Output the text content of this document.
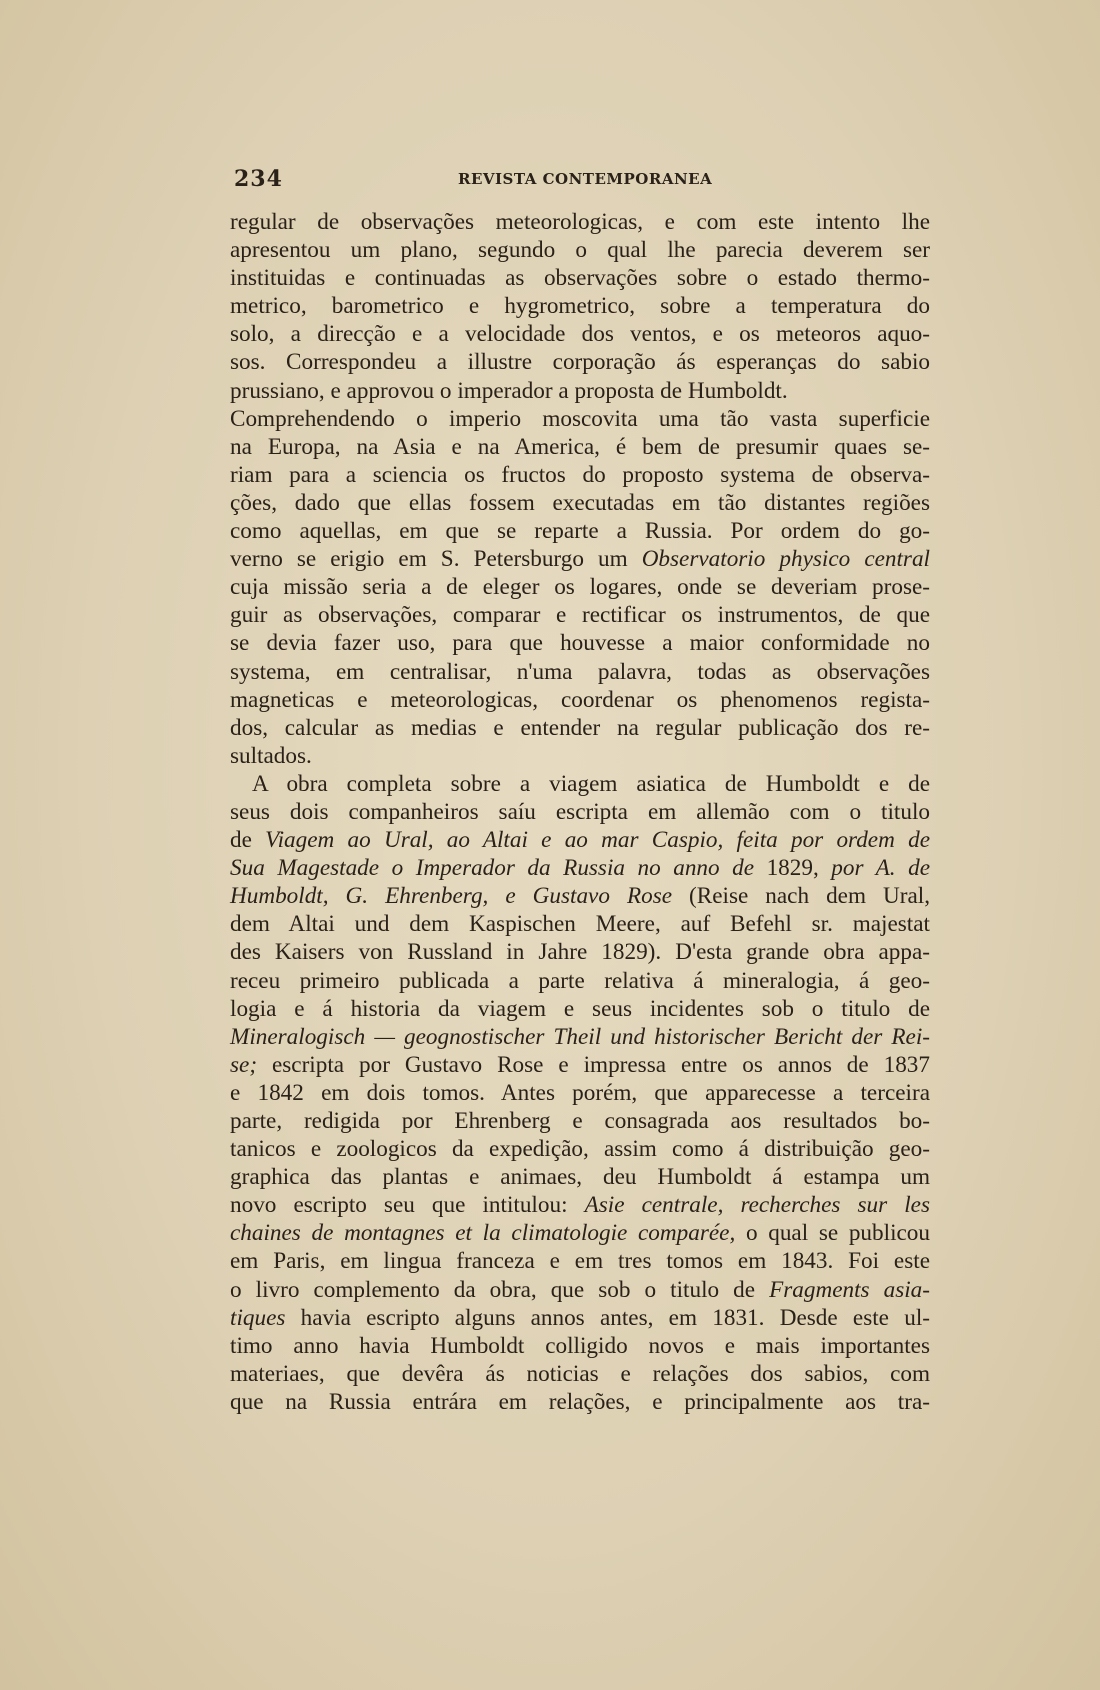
234	REVISTA CONTEMPORANEA
regular de observações meteorologicas, e com este intento lhe
apresentou um plano, segundo o qual lhe parecia deverem ser
instituidas e continuadas as observações sobre o estado thermo-
metrico, barometrico e hygrometrico, sobre a temperatura do
solo, a direcção e a velocidade dos ventos, e os meteoros aquo-
sos. Correspondeu a illustre corporação ás esperanças do sabio
prussiano, e approvou o imperador a proposta de Humboldt.
Comprehendendo o imperio moscovita uma tão vasta superficie
na Europa, na Asia e na America, é bem de presumir quaes se-
riam para a sciencia os fructos do proposto systema de observa-
ções, dado que ellas fossem executadas em tão distantes regiões
como aquellas, em que se reparte a Russia. Por ordem do go-
verno se erigio em S. Petersburgo um Observatorio physico central
cuja missão seria a de eleger os logares, onde se deveriam prose-
guir as observações, comparar e rectificar os instrumentos, de que
se devia fazer uso, para que houvesse a maior conformidade no
systema, em centralisar, n'uma palavra, todas as observações
magneticas e meteorologicas, coordenar os phenomenos regista-
dos, calcular as medias e entender na regular publicação dos re-
sultados.
A obra completa sobre a viagem asiatica de Humboldt e de
seus dois companheiros saíu escripta em allemão com o titulo
de Viagem ao Ural, ao Altai e ao mar Caspio, feita por ordem de
Sua Magestade o Imperador da Russia no anno de 1829, por A. de
Humboldt, G. Ehrenberg, e Gustavo Rose (Reise nach dem Ural,
dem Altai und dem Kaspischen Meere, auf Befehl sr. majestat
des Kaisers von Russland in Jahre 1829). D'esta grande obra appa-
receu primeiro publicada a parte relativa á mineralogia, á geo-
logia e á historia da viagem e seus incidentes sob o titulo de
Mineralogisch — geognostischer Theil und historischer Bericht der Rei-
se; escripta por Gustavo Rose e impressa entre os annos de 1837
e 1842 em dois tomos. Antes porém, que apparecesse a terceira
parte, redigida por Ehrenberg e consagrada aos resultados bo-
tanicos e zoologicos da expedição, assim como á distribuição geo-
graphica das plantas e animaes, deu Humboldt á estampa um
novo escripto seu que intitulou: Asie centrale, recherches sur les
chaines de montagnes et la climatologie comparée, o qual se publicou
em Paris, em lingua franceza e em tres tomos em 1843. Foi este
o livro complemento da obra, que sob o titulo de Fragments asia-
tiques havia escripto alguns annos antes, em 1831. Desde este ul-
timo anno havia Humboldt colligido novos e mais importantes
materiaes, que devêra ás noticias e relações dos sabios, com
que na Russia entrára em relações, e principalmente aos tra-
